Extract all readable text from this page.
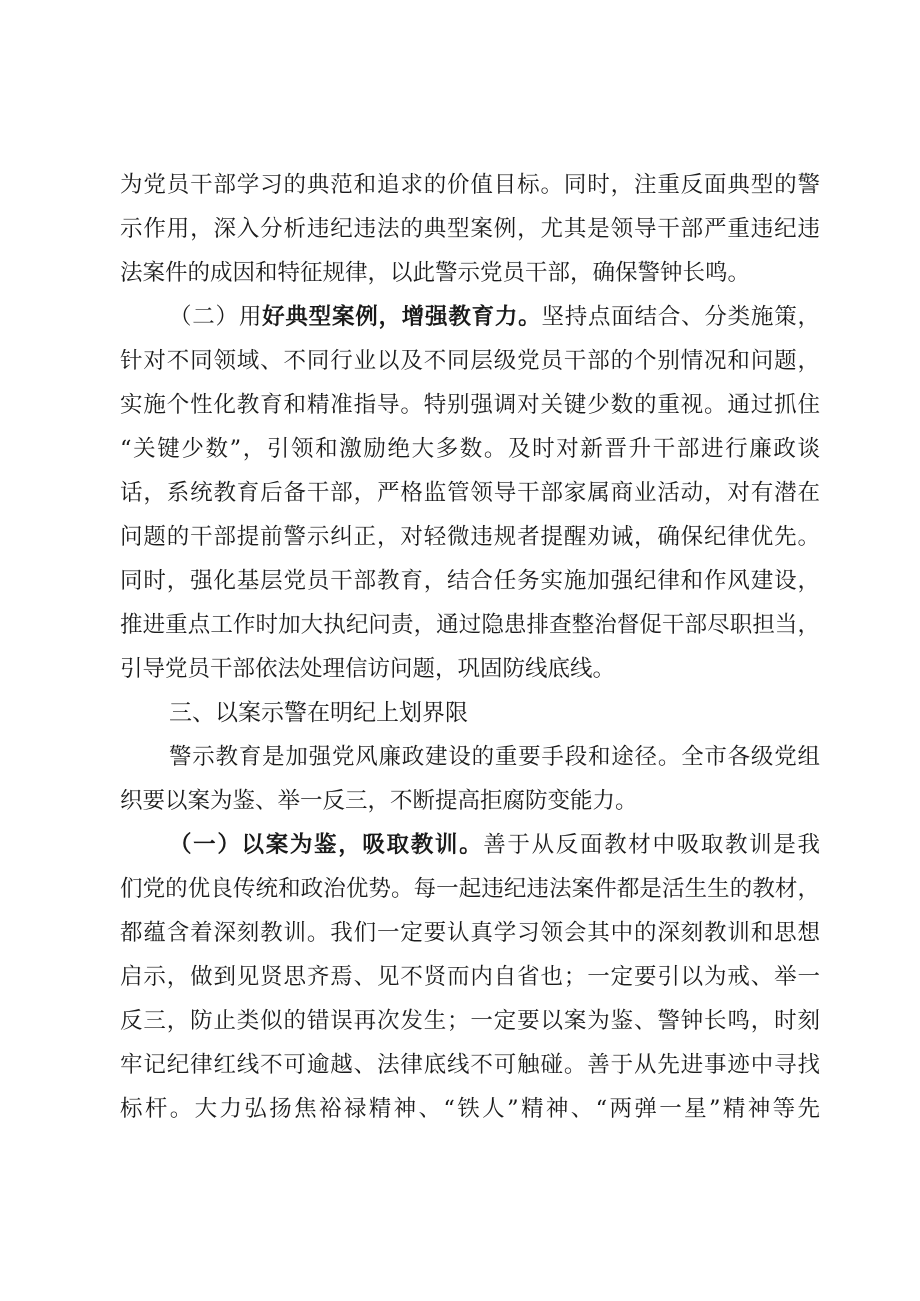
为党员干部学习的典范和追求的价值目标。同时，注重反面典型的警
示作用，深入分析违纪违法的典型案例，尤其是领导干部严重违纪违
法案件的成因和特征规律，以此警示党员干部，确保警钟长鸣。
（二）用好典型案例，增强教育力。坚持点面结合、分类施策，
针对不同领域、不同行业以及不同层级党员干部的个别情况和问题，
实施个性化教育和精准指导。特别强调对关键少数的重视。通过抓住
“关键少数”，引领和激励绝大多数。及时对新晋升干部进行廉政谈
话，系统教育后备干部，严格监管领导干部家属商业活动，对有潜在
问题的干部提前警示纠正，对轻微违规者提醒劝诫，确保纪律优先。
同时，强化基层党员干部教育，结合任务实施加强纪律和作风建设，
推进重点工作时加大执纪问责，通过隐患排查整治督促干部尽职担当，
引导党员干部依法处理信访问题，巩固防线底线。
三、以案示警在明纪上划界限
警示教育是加强党风廉政建设的重要手段和途径。全市各级党组
织要以案为鉴、举一反三，不断提高拒腐防变能力。
（一）以案为鉴，吸取教训。善于从反面教材中吸取教训是我
们党的优良传统和政治优势。每一起违纪违法案件都是活生生的教材，
都蕴含着深刻教训。我们一定要认真学习领会其中的深刻教训和思想
启示，做到见贤思齐焉、见不贤而内自省也；一定要引以为戒、举一
反三，防止类似的错误再次发生；一定要以案为鉴、警钟长鸣，时刻
牢记纪律红线不可逾越、法律底线不可触碰。善于从先进事迹中寻找
标杆。大力弘扬焦裕禄精神、“铁人”精神、“两弹一星”精神等先
